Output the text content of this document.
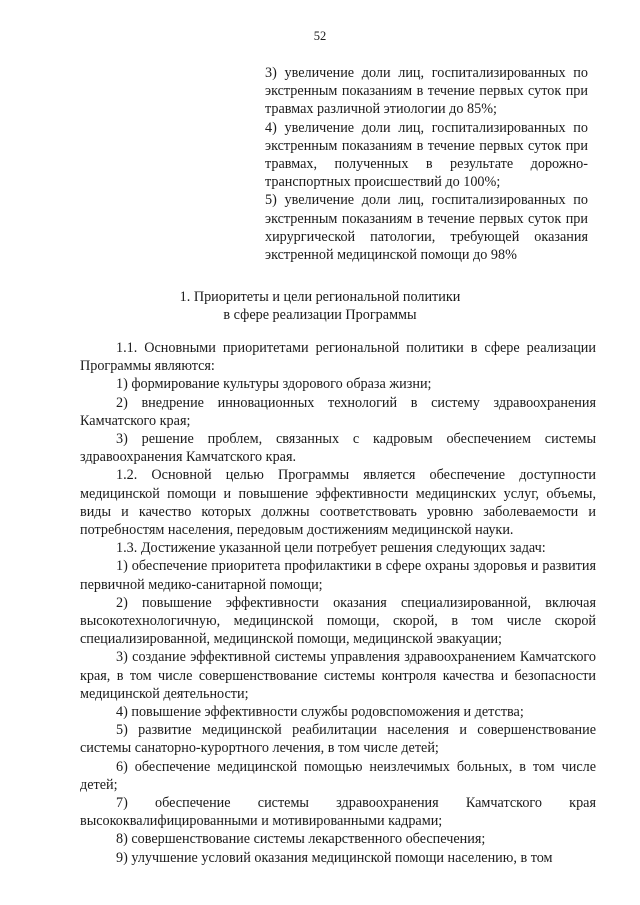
52

3) увеличение доли лиц, госпитализированных по экстренным показаниям в течение первых суток при травмах различной этиологии до 85%;

4) увеличение доли лиц, госпитализированных по экстренным показаниям в течение первых суток при травмах, полученных в результате дорожно-транспортных происшествий до 100%;

5) увеличение доли лиц, госпитализированных по экстренным показаниям в течение первых суток при хирургической патологии, требующей оказания экстренной медицинской помощи до 98%

1. Приоритеты и цели региональной политики

в сфере реализации Программы

1.1. Основными приоритетами региональной политики в сфере реализации Программы являются:

1) формирование культуры здорового образа жизни;

2) внедрение инновационных технологий в систему здравоохранения Камчатского края;

3) решение проблем, связанных с кадровым обеспечением системы здравоохранения Камчатского края.

1.2. Основной целью Программы является обеспечение доступности медицинской помощи и повышение эффективности медицинских услуг, объемы, виды и качество которых должны соответствовать уровню заболеваемости и потребностям населения, передовым достижениям медицинской науки.

1.3. Достижение указанной цели потребует решения следующих задач:

1) обеспечение приоритета профилактики в сфере охраны здоровья и развития первичной медико-санитарной помощи;

2) повышение эффективности оказания специализированной, включая высокотехнологичную, медицинской помощи, скорой, в том числе скорой специализированной, медицинской помощи, медицинской эвакуации;

3) создание эффективной системы управления здравоохранением Камчатского края, в том числе совершенствование системы контроля качества и безопасности медицинской деятельности;

4) повышение эффективности службы родовспоможения и детства;

5) развитие медицинской реабилитации населения и совершенствование системы санаторно-курортного лечения, в том числе детей;

6) обеспечение медицинской помощью неизлечимых больных, в том числе детей;

7) обеспечение системы здравоохранения Камчатского края высококвалифицированными и мотивированными кадрами;

8) совершенствование системы лекарственного обеспечения;

9) улучшение условий оказания медицинской помощи населению, в том
